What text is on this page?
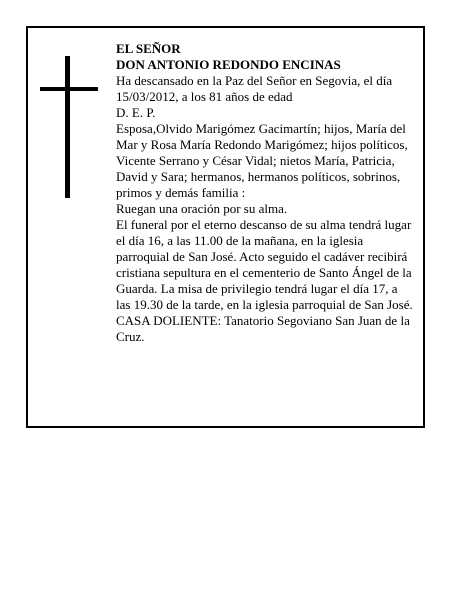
EL SEÑOR

DON ANTONIO REDONDO ENCINAS

Ha descansado en la Paz del Señor en Segovia, el día 15/03/2012, a los 81 años de edad

D. E. P.

Esposa,Olvido Marigómez Gacimartín; hijos, María del Mar y Rosa María Redondo Marigómez; hijos políticos, Vicente Serrano y César Vidal; nietos María, Patricia, David y Sara; hermanos, hermanos políticos, sobrinos, primos y demás familia :

Ruegan una oración por su alma.

El funeral por el eterno descanso de su alma tendrá lugar el día 16, a las 11.00 de la mañana, en la iglesia parroquial de San José. Acto seguido el cadáver recibirá cristiana sepultura en el cementerio de Santo Ángel de la Guarda. La misa de privilegio tendrá lugar el día 17, a las 19.30 de la tarde, en la iglesia parroquial de San José.

CASA DOLIENTE: Tanatorio Segoviano San Juan de la Cruz.
